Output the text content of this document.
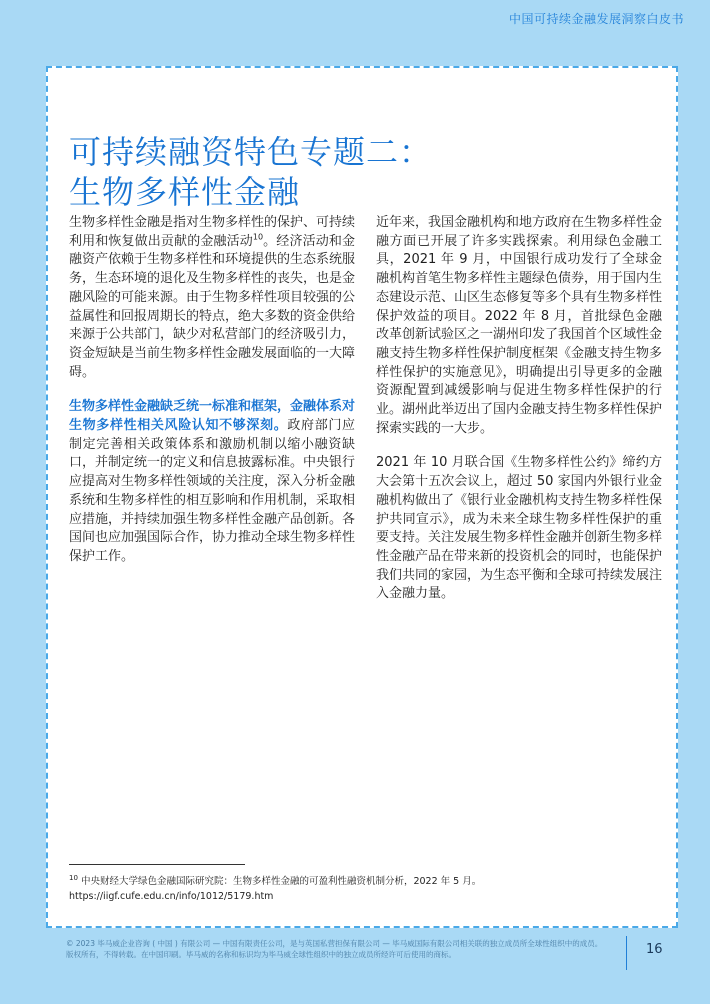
中国可持续金融发展洞察白皮书
可持续融资特色专题二：
生物多样性金融

生物多样性金融是指对生物多样性的保护、可持续利用和恢复做出贡献的金融活动$^{10}$。经济活动和金融资产依赖于生物多样性和环境提供的生态系统服务，生态环境的退化及生物多样性的丧失，也是金融风险的可能来源。由于生物多样性项目较强的公益属性和回报周期长的特点，绝大多数的资金供给来源于公共部门，缺少对私营部门的经济吸引力，资金短缺是当前生物多样性金融发展面临的一大障碍。

生物多样性金融缺乏统一标准和框架，金融体系对生物多样性相关风险认知不够深刻。政府部门应制定完善相关政策体系和激励机制以缩小融资缺口，并制定统一的定义和信息披露标准。中央银行应提高对生物多样性领域的关注度，深入分析金融系统和生物多样性的相互影响和作用机制，采取相应措施，并持续加强生物多样性金融产品创新。各国间也应加强国际合作，协力推动全球生物多样性保护工作。

近年来，我国金融机构和地方政府在生物多样性金融方面已开展了许多实践探索。利用绿色金融工具，2021 年 9 月，中国银行成功发行了全球金融机构首笔生物多样性主题绿色债券，用于国内生态建设示范、山区生态修复等多个具有生物多样性保护效益的项目。2022 年 8 月，首批绿色金融改革创新试验区之一湖州印发了我国首个区域性金融支持生物多样性保护制度框架《金融支持生物多样性保护的实施意见》，明确提出引导更多的金融资源配置到减缓影响与促进生物多样性保护的行业。湖州此举迈出了国内金融支持生物多样性保护探索实践的一大步。

2021 年 10 月联合国《生物多样性公约》缔约方大会第十五次会议上，超过 50 家国内外银行业金融机构做出了《银行业金融机构支持生物多样性保护共同宣示》，成为未来全球生物多样性保护的重要支持。关注发展生物多样性金融并创新生物多样性金融产品在带来新的投资机会的同时，也能保护我们共同的家园，为生态平衡和全球可持续发展注入金融力量。

$^{10}$ 中央财经大学绿色金融国际研究院：生物多样性金融的可盈利性融资机制分析，2022 年 5 月。
https://iigf.cufe.edu.cn/info/1012/5179.htm
© 2023 毕马威企业咨询 ( 中国 ) 有限公司 — 中国有限责任公司，是与英国私营担保有限公司 — 毕马威国际有限公司相关联的独立成员所全球性组织中的成员。
版权所有，不得转载。在中国印刷。毕马威的名称和标识均为毕马威全球性组织中的独立成员所经许可后使用的商标。	16
